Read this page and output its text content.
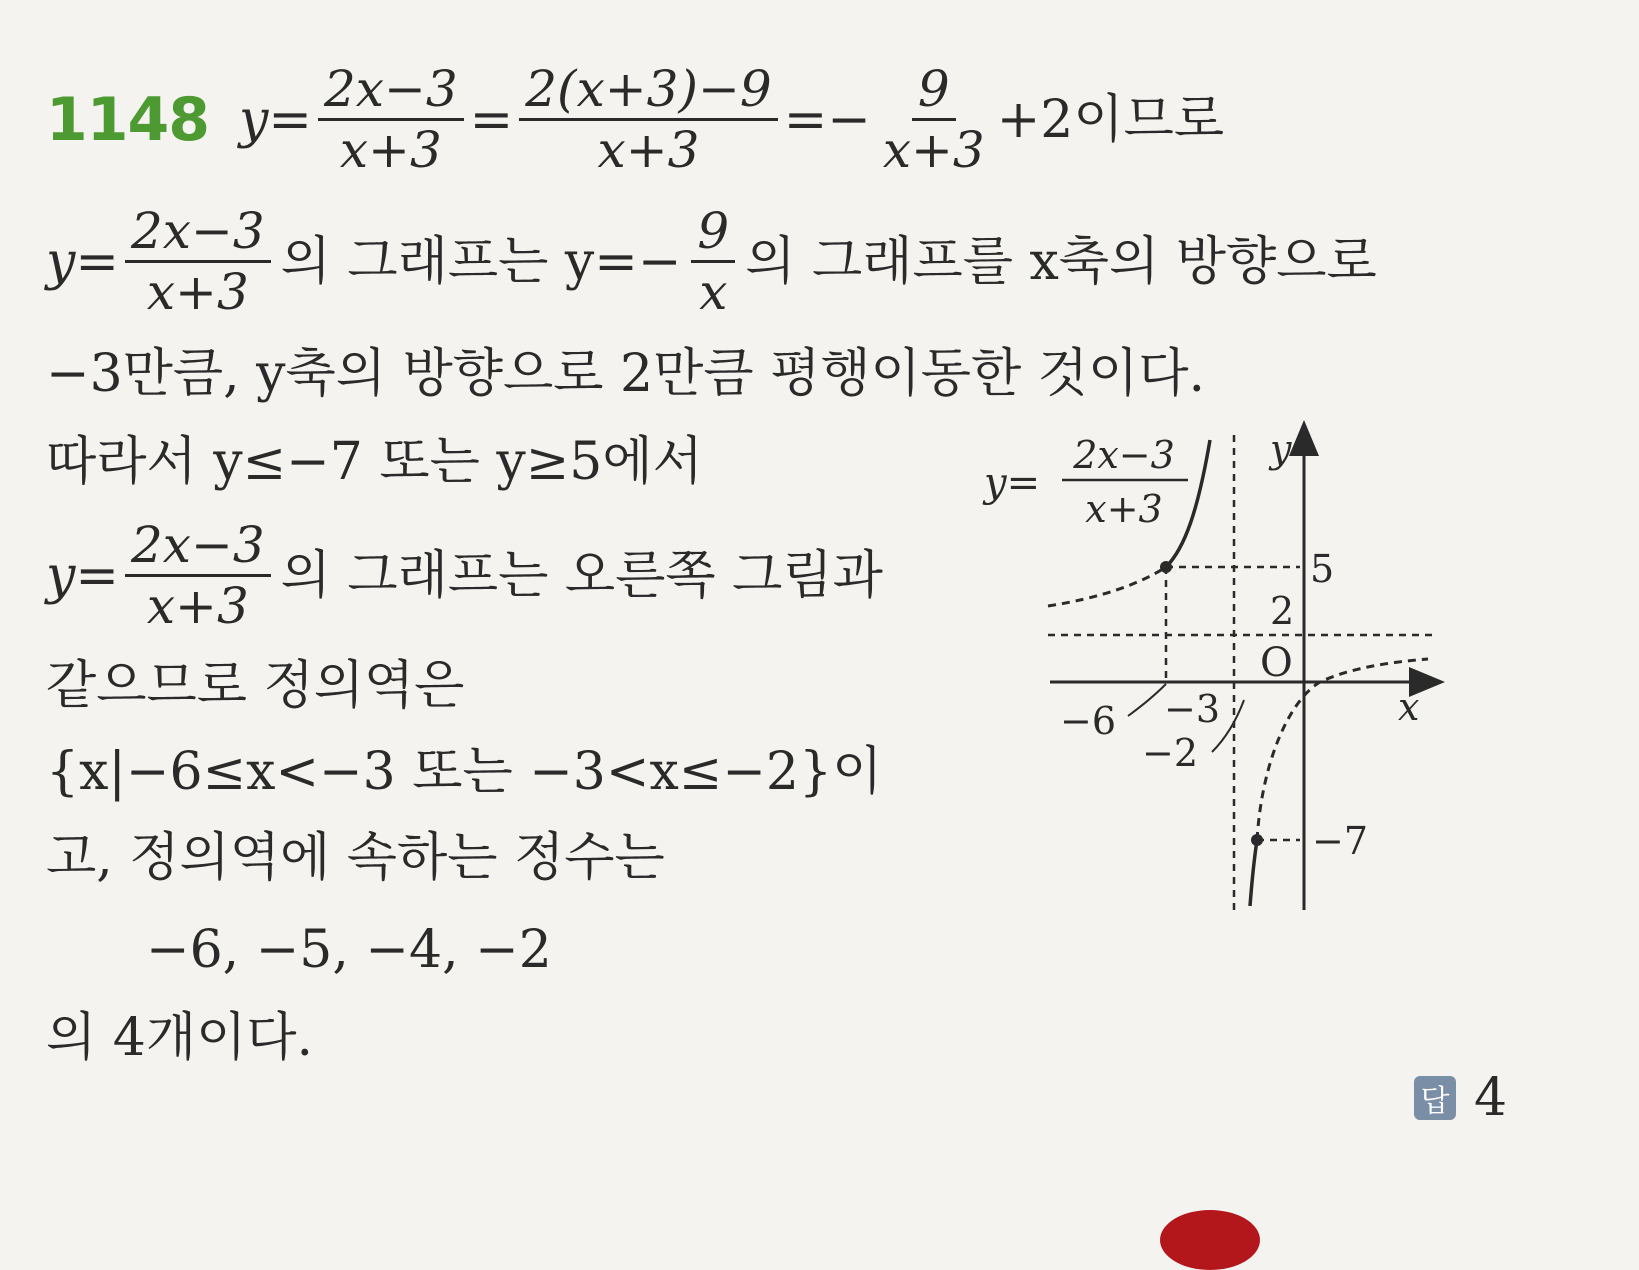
1148 $y= \frac{2x-3}{x+3} = \frac{2(x+3)-9}{x+3} =- \frac{9}{x+3} +2$이므로
$y= \frac{2x-3}{x+3}$ 의 그래프는 $y=- \frac{9}{x}$ 의 그래프를 x축의 방향으로
−3만큼, y축의 방향으로 2만큼 평행이동한 것이다.
따라서 y≤−7 또는 y≥5에서
$y= \frac{2x-3}{x+3}$ 의 그래프는 오른쪽 그림과
같으므로 정의역은
{x|−6≤x<−3 또는 −3<x≤−2}이
고, 정의역에 속하는 정수는
−6, −5, −4, −2
의 4개이다.
답 4
y=
2x−3
x+3
y
x
O
5
2
−7
−6 −3
−2
